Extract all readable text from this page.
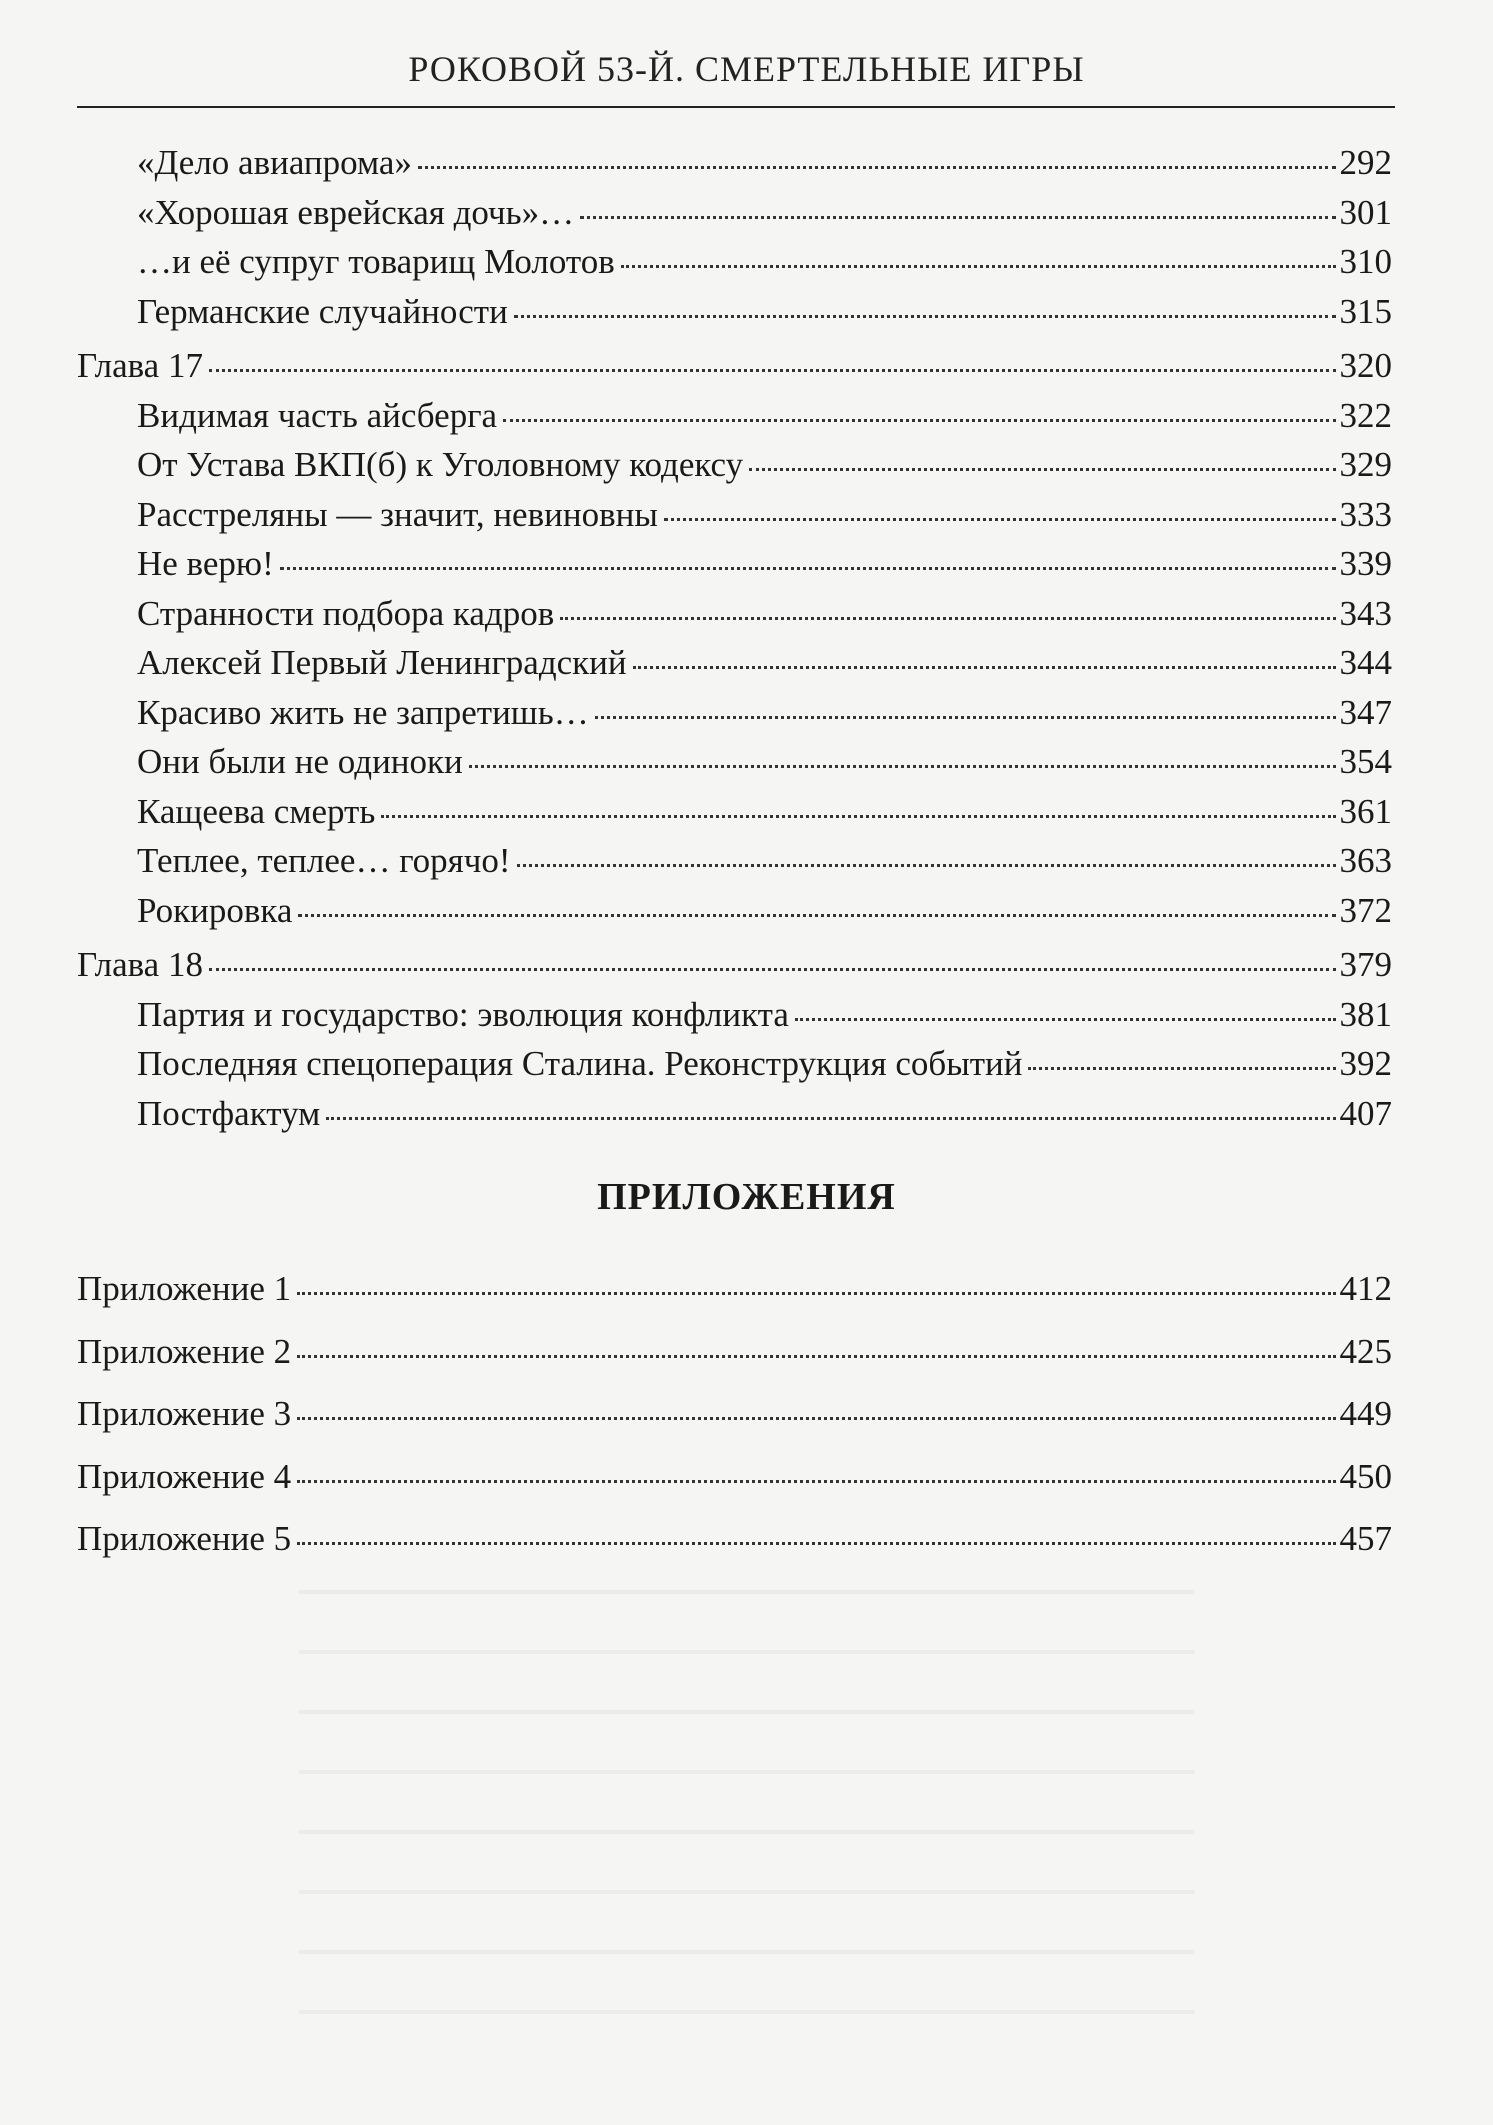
РОКОВОЙ 53-Й. СМЕРТЕЛЬНЫЕ ИГРЫ
«Дело авиапрома»	292
«Хорошая еврейская дочь»…	301
…и её супруг товарищ Молотов	310
Германские случайности	315
Глава 17	320
Видимая часть айсберга	322
От Устава ВКП(б) к Уголовному кодексу	329
Расстреляны — значит, невиновны	333
Не верю!	339
Странности подбора кадров	343
Алексей Первый Ленинградский	344
Красиво жить не запретишь…	347
Они были не одиноки	354
Кащеева смерть	361
Теплее, теплее… горячо!	363
Рокировка	372
Глава 18	379
Партия и государство: эволюция конфликта	381
Последняя спецоперация Сталина. Реконструкция событий	392
Постфактум	407
ПРИЛОЖЕНИЯ
Приложение 1	412
Приложение 2	425
Приложение 3	449
Приложение 4	450
Приложение 5	457
